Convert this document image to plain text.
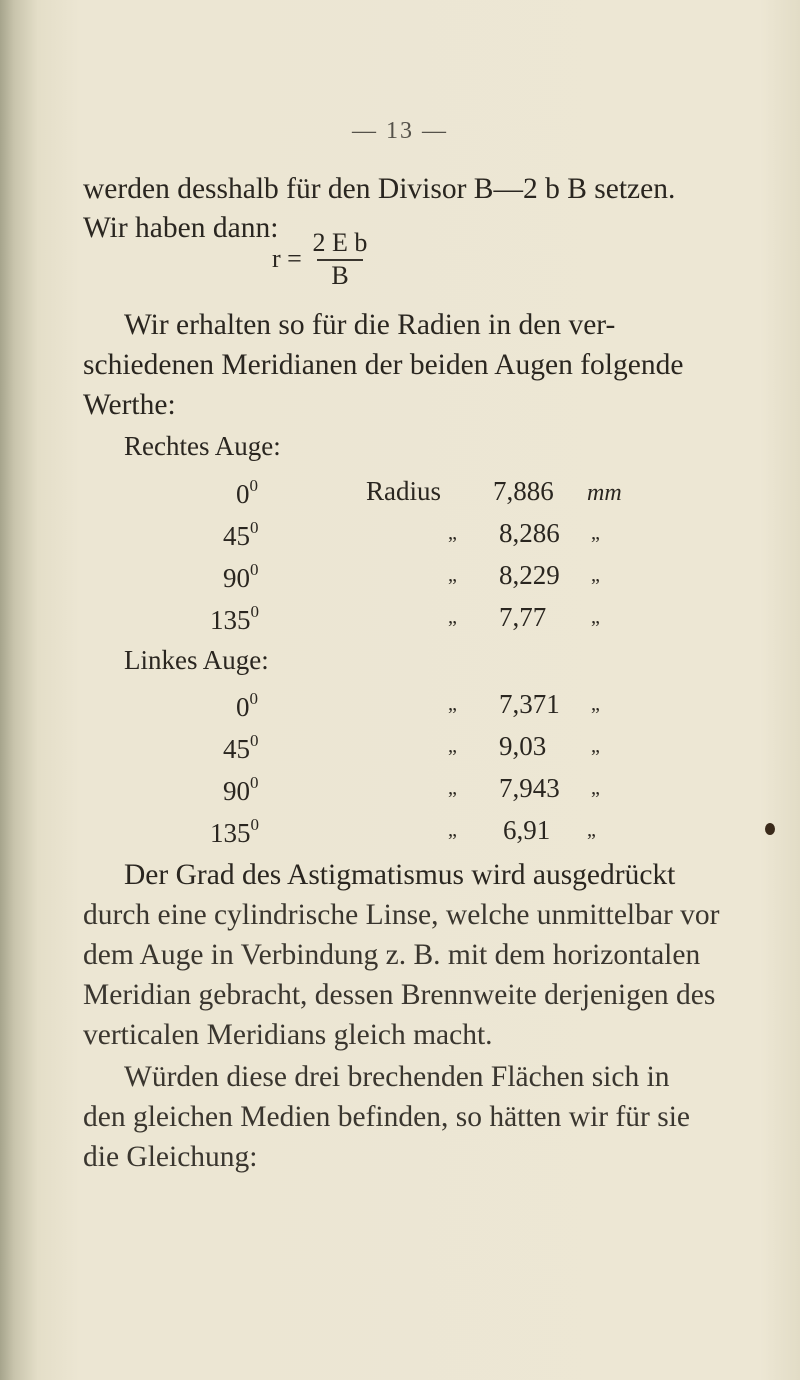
— 13 —
werden desshalb für den Divisor B—2 b B setzen.
Wir haben dann: 2 E b
r =
B
Wir erhalten so für die Radien in den ver-
schiedenen Meridianen der beiden Augen folgende
Werthe:
Rechtes Auge:
$0^0$	Radius 7,886 mm
$45^0$	„ 8,286 „
$90^0$	„ 8,229 „
$135^0$	„ 7,77 „
Linkes Auge:
$0^0$	„ 7,371 „
$45^0$	„ 9,03 „
$90^0$	„ 7,943 „
$135^0$	„ 6,91 „
Der Grad des Astigmatismus wird ausgedrückt
durch eine cylindrische Linse, welche unmittelbar vor
dem Auge in Verbindung z. B. mit dem horizontalen
Meridian gebracht, dessen Brennweite derjenigen des
verticalen Meridians gleich macht.
Würden diese drei brechenden Flächen sich in
den gleichen Medien befinden, so hätten wir für sie
die Gleichung:
